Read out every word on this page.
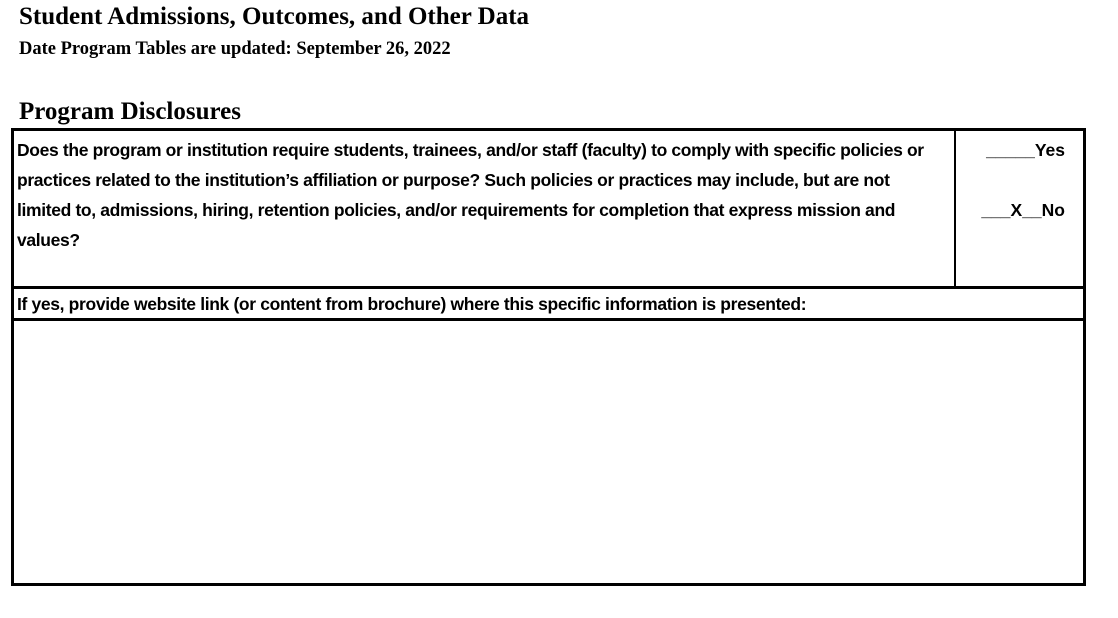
Student Admissions, Outcomes, and Other Data
Date Program Tables are updated: September 26, 2022
Program Disclosures
Does the program or institution require students, trainees, and/or staff (faculty) to comply with specific policies or practices related to the institution’s affiliation or purpose? Such policies or practices may include, but are not limited to, admissions, hiring, retention policies, and/or requirements for completion that express mission and values?
_____Yes
___X__No
If yes, provide website link (or content from brochure) where this specific information is presented:
